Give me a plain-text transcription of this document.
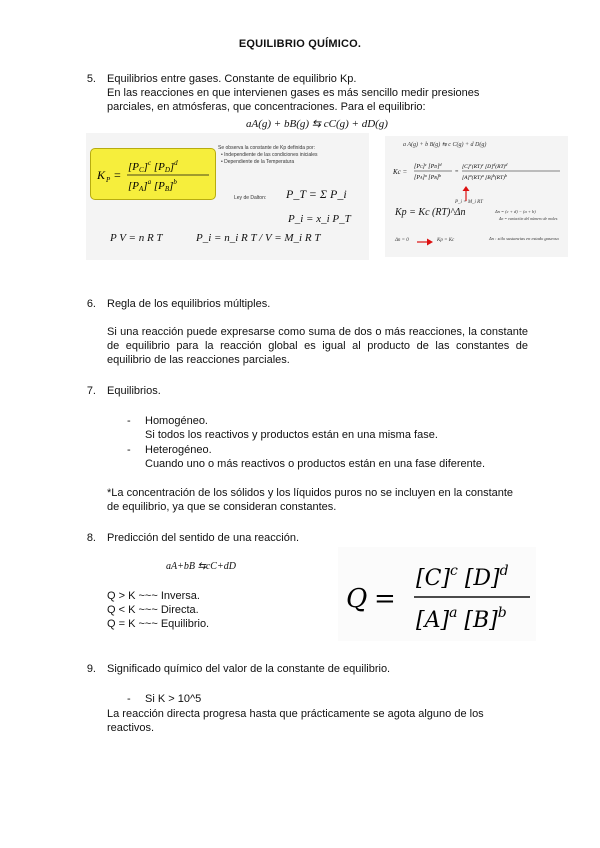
EQUILIBRIO QUÍMICO.
5. Equilibrios entre gases. Constante de equilibrio Kp.
En las reacciones en que intervienen gases es más sencillo medir presiones
parciales, en atmósferas, que concentraciones. Para el equilibrio:
aA(g) + bB(g) ⇆ cC(g) + dD(g)
K P =
[PC]$^c$ [PD]$^d$
[PA]$^a$ [PB]$^b$
Se observa la constante de Kp definida por:
• Independiente de las condiciones iniciales
• Dependiente de la Temperatura
Ley de Dalton: P_T = Σ P_i
P_i = x_i P_T
P V = n R T	P_i = n_i R T / V = M_i R T
a A(g) + b B(g) ⇆ c C(g) + d D(g)
Kc =
[PC]$^c$ [PD]$^d$
[PA]$^a$ [PB]$^b$
=
$[C]^c(RT)^c$ $[D]^d(RT)^d$
$[A]^a(RT)^a$ $[B]^b(RT)^b$
P_i = M_i RT
Kp = Kc (RT)^Δn	Δn = (c + d) − (a + b)
Δn = variación del número de moles
Δn = 0	Kp = Kc	Δn : sólo sustancias en estado gaseoso
6. Regla de los equilibrios múltiples.
Si una reacción puede expresarse como suma de dos o más reacciones, la constante de equilibrio para la reacción global es igual al producto de las constantes de equilibrio de las reacciones parciales.
7. Equilibrios.
- Homogéneo.
Si todos los reactivos y productos están en una misma fase.
- Heterogéneo.
Cuando uno o más reactivos o productos están en una fase diferente.
*La concentración de los sólidos y los líquidos puros no se incluyen en la constante
de equilibrio, ya que se consideran constantes.
8. Predicción del sentido de una reacción.
aA+bB ⇆cC+dD
Q > K ~~~ Inversa.
Q < K ~~~ Directa.
Q = K ~~~ Equilibrio.
Q =
$[C]^c$ $[D]^d$
$[A]^a$ $[B]^b$
9. Significado químico del valor de la constante de equilibrio.
- Si K > 10^5
La reacción directa progresa hasta que prácticamente se agota alguno de los
reactivos.
